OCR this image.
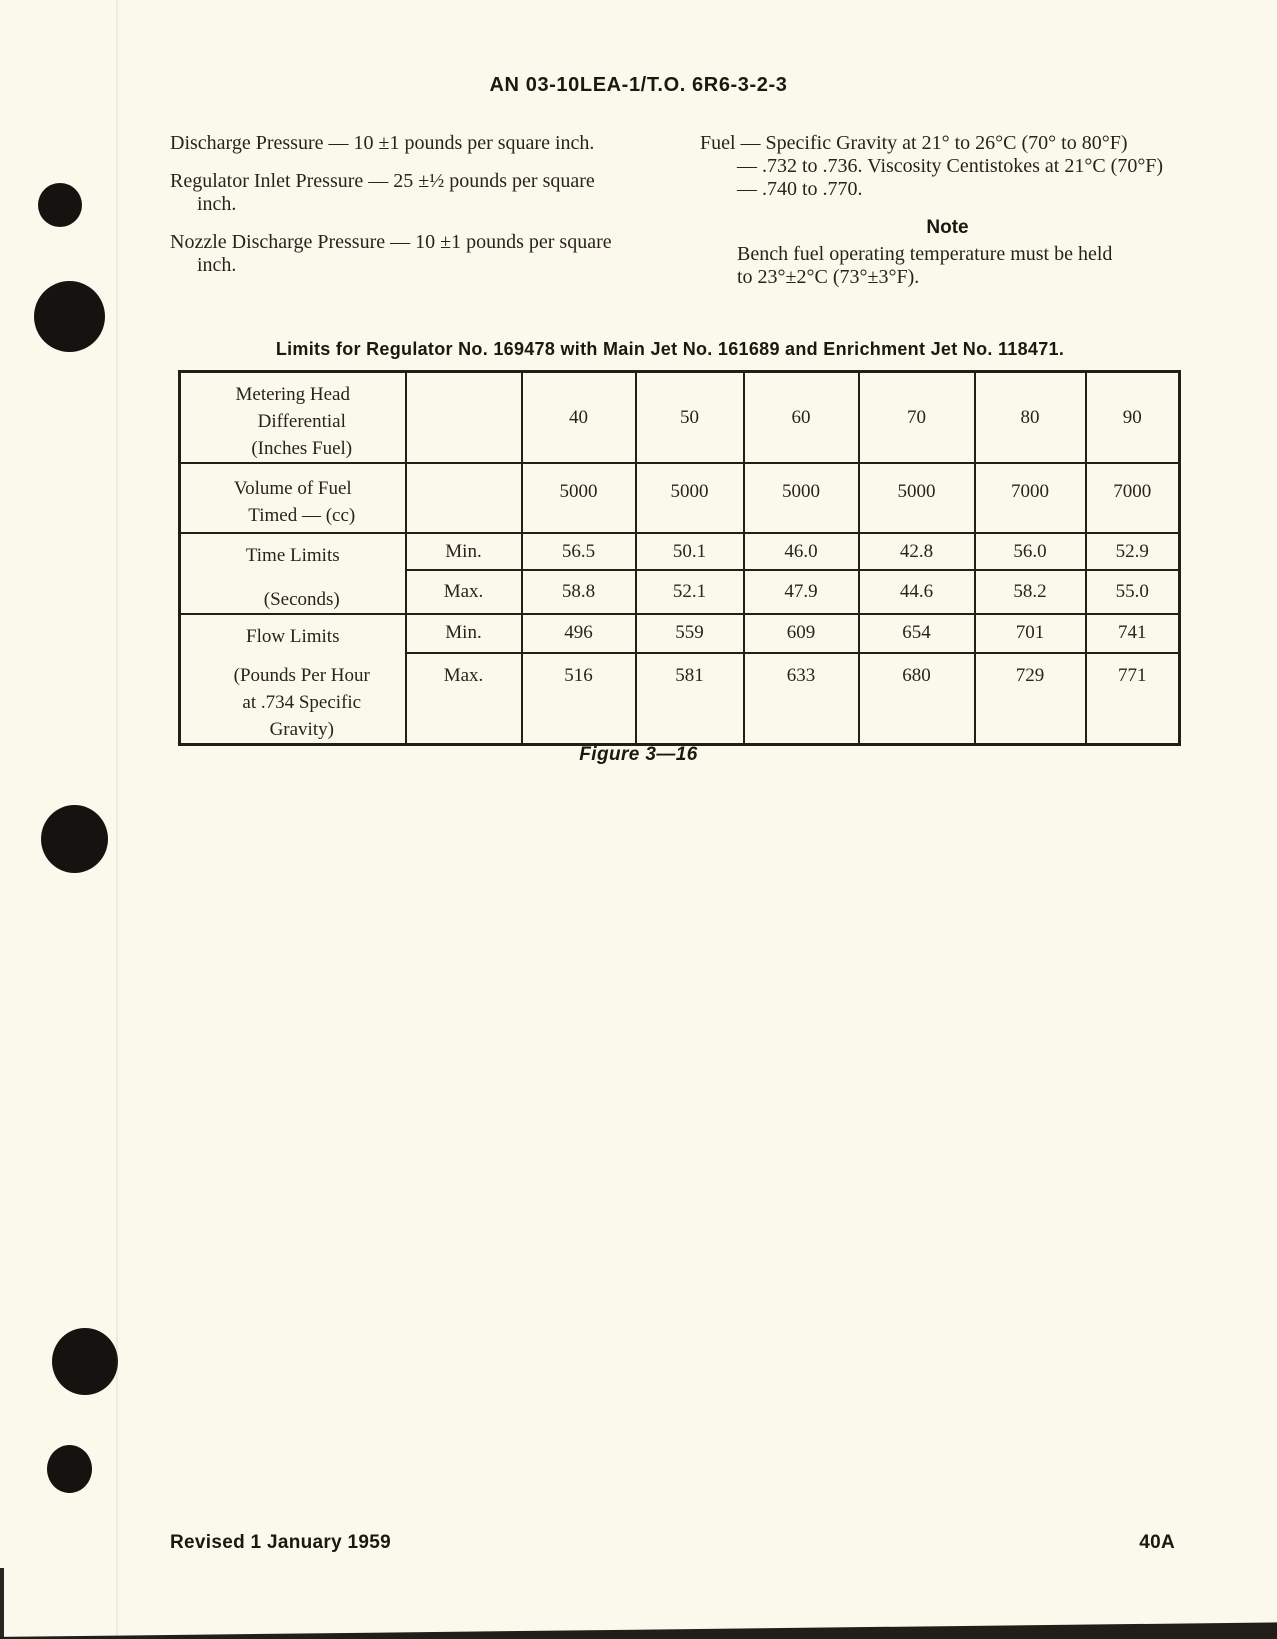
AN 03-10LEA-1/T.O. 6R6-3-2-3

Discharge Pressure — 10 ±1 pounds per square inch.

Regulator Inlet Pressure — 25 ±½ pounds per square
inch.

Nozzle Discharge Pressure — 10 ±1 pounds per square
inch.

Fuel — Specific Gravity at 21° to 26°C (70° to 80°F)
— .732 to .736. Viscosity Centistokes at 21°C (70°F)
— .740 to .770.

Note
Bench fuel operating temperature must be held
to 23°±2°C (73°±3°F).
Limits for Regulator No. 169478 with Main Jet No. 161689 and Enrichment Jet No. 118471.
Metering Head
Differential
(Inches Fuel)		40	50	60	70	80	90

Volume of Fuel
Timed — (cc)		5000	5000	5000	5000	7000	7000

Time Limits
(Seconds)	Min.	56.5	50.1	46.0	42.8	56.0	52.9
	Max.	58.8	52.1	47.9	44.6	58.2	55.0

Flow Limits
(Pounds Per Hour
at .734 Specific
Gravity)	Min.	496	559	609	654	701	741
	Max.	516	581	633	680	729	771
Figure 3—16
Revised 1 January 1959	40A
